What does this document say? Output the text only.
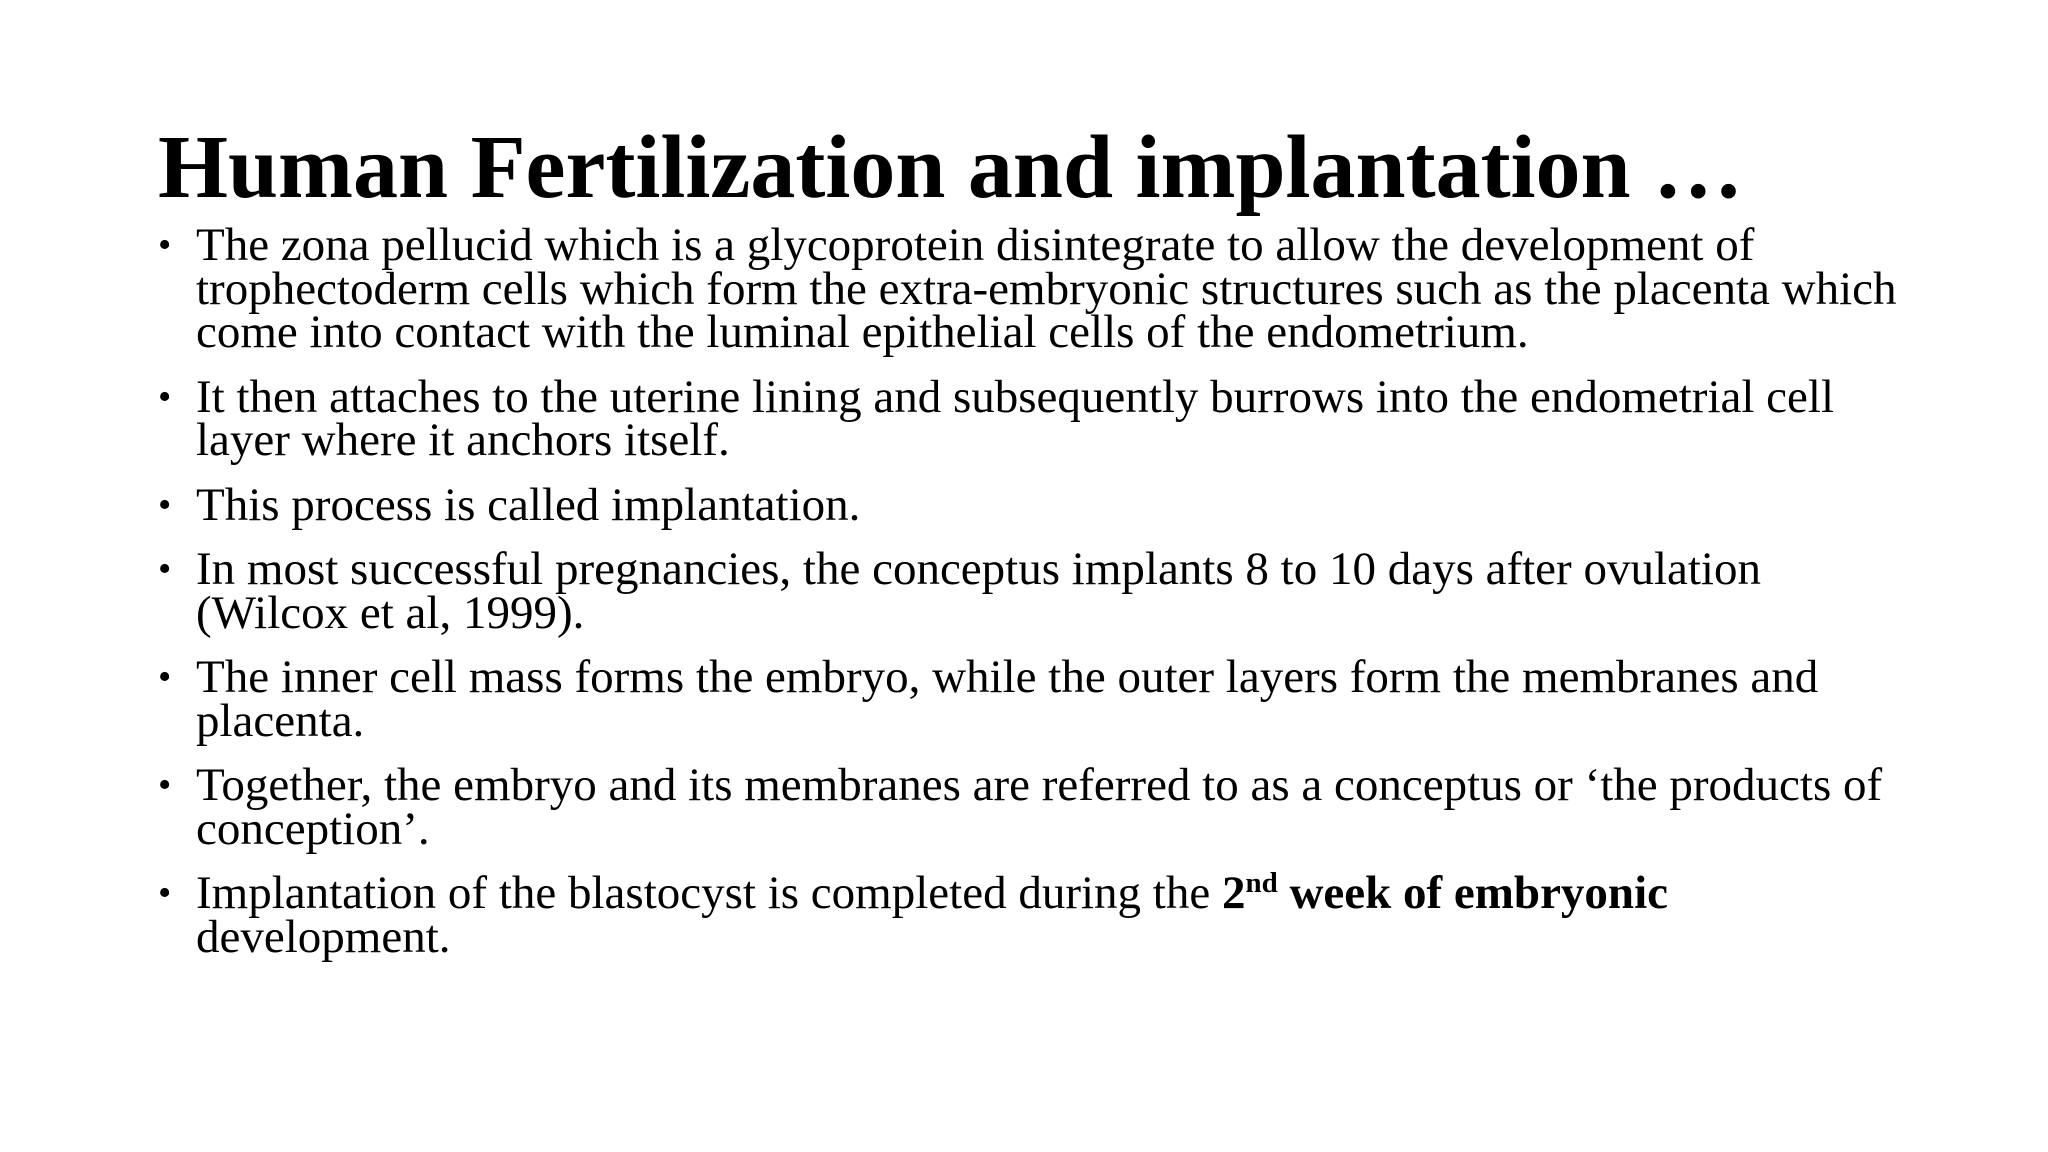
Human Fertilization and implantation …
• The zona pellucid which is a glycoprotein disintegrate to allow the development of trophectoderm cells which form the extra-embryonic structures such as the placenta which come into contact with the luminal epithelial cells of the endometrium.
• It then attaches to the uterine lining and subsequently burrows into the endometrial cell layer where it anchors itself.
• This process is called implantation.
• In most successful pregnancies, the conceptus implants 8 to 10 days after ovulation (Wilcox et al, 1999).
• The inner cell mass forms the embryo, while the outer layers form the membranes and placenta.
• Together, the embryo and its membranes are referred to as a conceptus or ‘the products of conception’.
• Implantation of the blastocyst is completed during the 2nd week of embryonic development.
